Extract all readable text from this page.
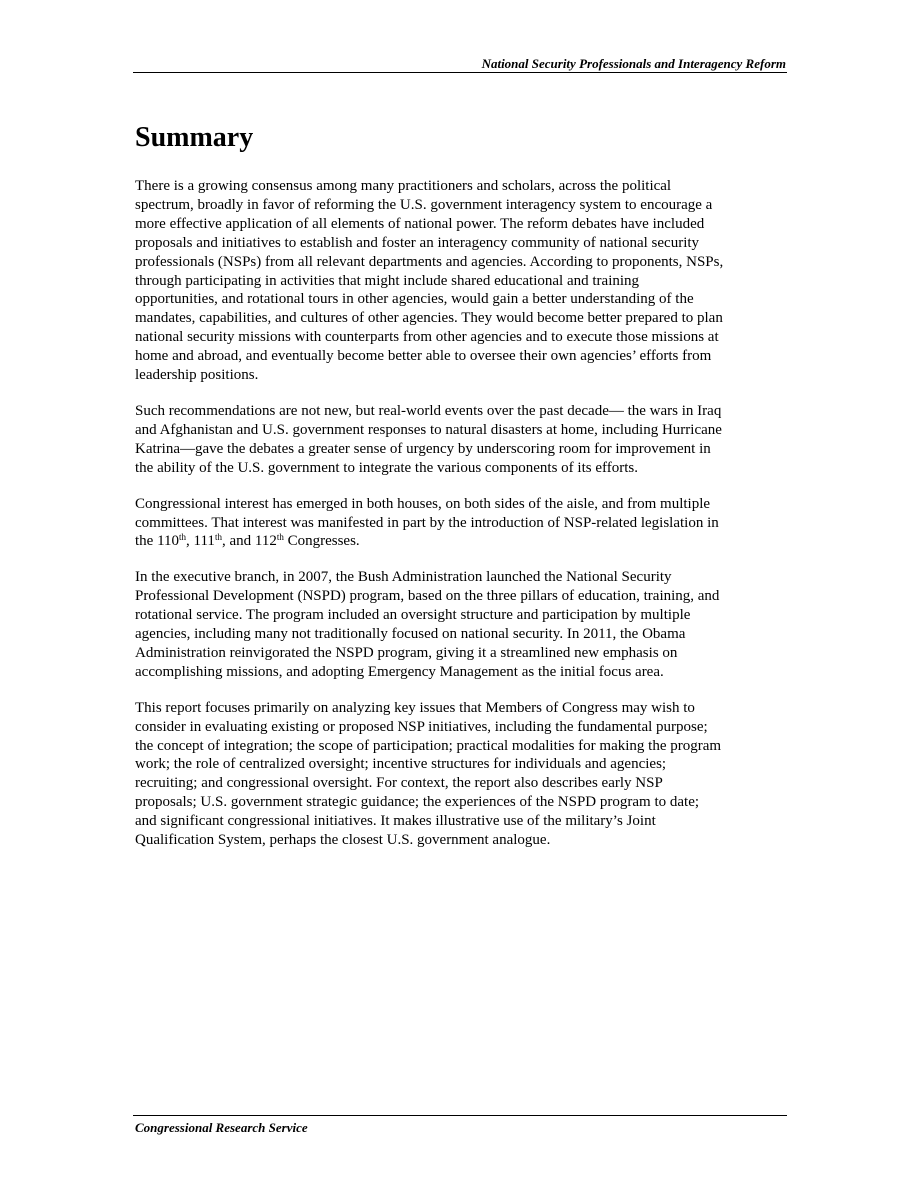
National Security Professionals and Interagency Reform
Summary

There is a growing consensus among many practitioners and scholars, across the political
spectrum, broadly in favor of reforming the U.S. government interagency system to encourage a
more effective application of all elements of national power. The reform debates have included
proposals and initiatives to establish and foster an interagency community of national security
professionals (NSPs) from all relevant departments and agencies. According to proponents, NSPs,
through participating in activities that might include shared educational and training
opportunities, and rotational tours in other agencies, would gain a better understanding of the
mandates, capabilities, and cultures of other agencies. They would become better prepared to plan
national security missions with counterparts from other agencies and to execute those missions at
home and abroad, and eventually become better able to oversee their own agencies’ efforts from
leadership positions.

Such recommendations are not new, but real-world events over the past decade— the wars in Iraq
and Afghanistan and U.S. government responses to natural disasters at home, including Hurricane
Katrina—gave the debates a greater sense of urgency by underscoring room for improvement in
the ability of the U.S. government to integrate the various components of its efforts.

Congressional interest has emerged in both houses, on both sides of the aisle, and from multiple
committees. That interest was manifested in part by the introduction of NSP-related legislation in
the 110th, 111th, and 112th Congresses.

In the executive branch, in 2007, the Bush Administration launched the National Security
Professional Development (NSPD) program, based on the three pillars of education, training, and
rotational service. The program included an oversight structure and participation by multiple
agencies, including many not traditionally focused on national security. In 2011, the Obama
Administration reinvigorated the NSPD program, giving it a streamlined new emphasis on
accomplishing missions, and adopting Emergency Management as the initial focus area.

This report focuses primarily on analyzing key issues that Members of Congress may wish to
consider in evaluating existing or proposed NSP initiatives, including the fundamental purpose;
the concept of integration; the scope of participation; practical modalities for making the program
work; the role of centralized oversight; incentive structures for individuals and agencies;
recruiting; and congressional oversight. For context, the report also describes early NSP
proposals; U.S. government strategic guidance; the experiences of the NSPD program to date;
and significant congressional initiatives. It makes illustrative use of the military’s Joint
Qualification System, perhaps the closest U.S. government analogue.

Congressional Research Service
